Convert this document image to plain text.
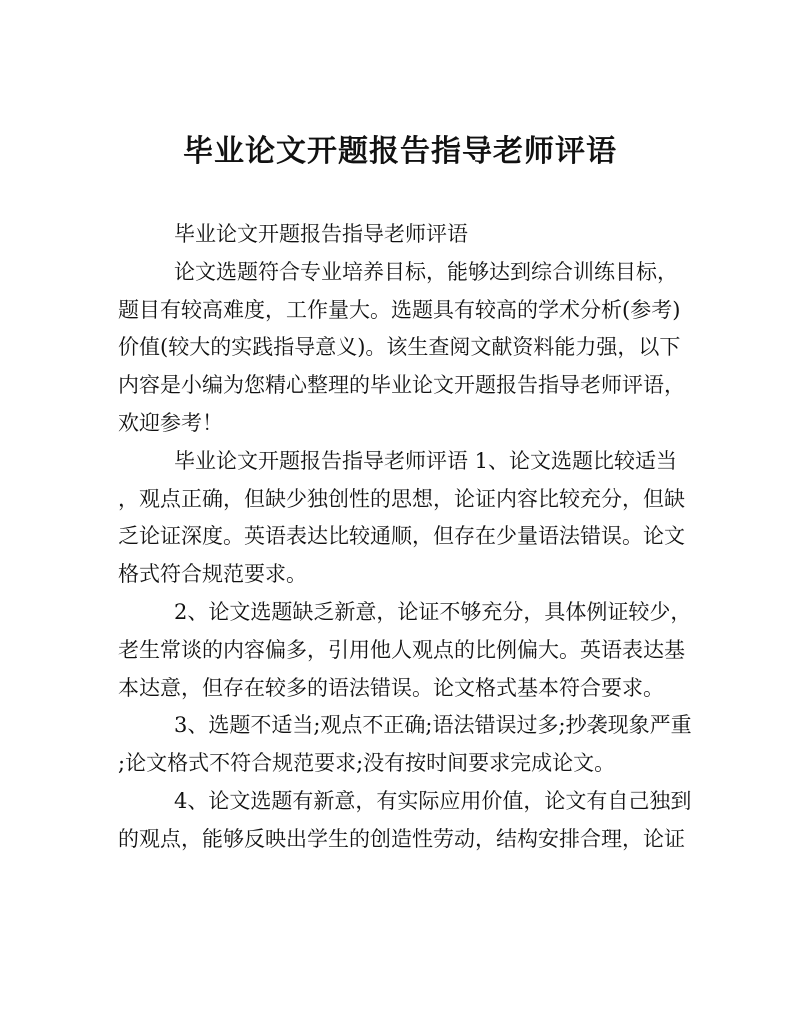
毕业论文开题报告指导老师评语
毕业论文开题报告指导老师评语
论文选题符合专业培养目标，能够达到综合训练目标，
题目有较高难度，工作量大。选题具有较高的学术分析(参考)
价值(较大的实践指导意义)。该生查阅文献资料能力强，以下
内容是小编为您精心整理的毕业论文开题报告指导老师评语，
欢迎参考！
毕业论文开题报告指导老师评语 1、论文选题比较适当
，观点正确，但缺少独创性的思想，论证内容比较充分，但缺
乏论证深度。英语表达比较通顺，但存在少量语法错误。论文
格式符合规范要求。
2、论文选题缺乏新意，论证不够充分，具体例证较少，
老生常谈的内容偏多，引用他人观点的比例偏大。英语表达基
本达意，但存在较多的语法错误。论文格式基本符合要求。
3、选题不适当;观点不正确;语法错误过多;抄袭现象严重
;论文格式不符合规范要求;没有按时间要求完成论文。
4、论文选题有新意，有实际应用价值，论文有自己独到
的观点，能够反映出学生的创造性劳动，结构安排合理，论证
